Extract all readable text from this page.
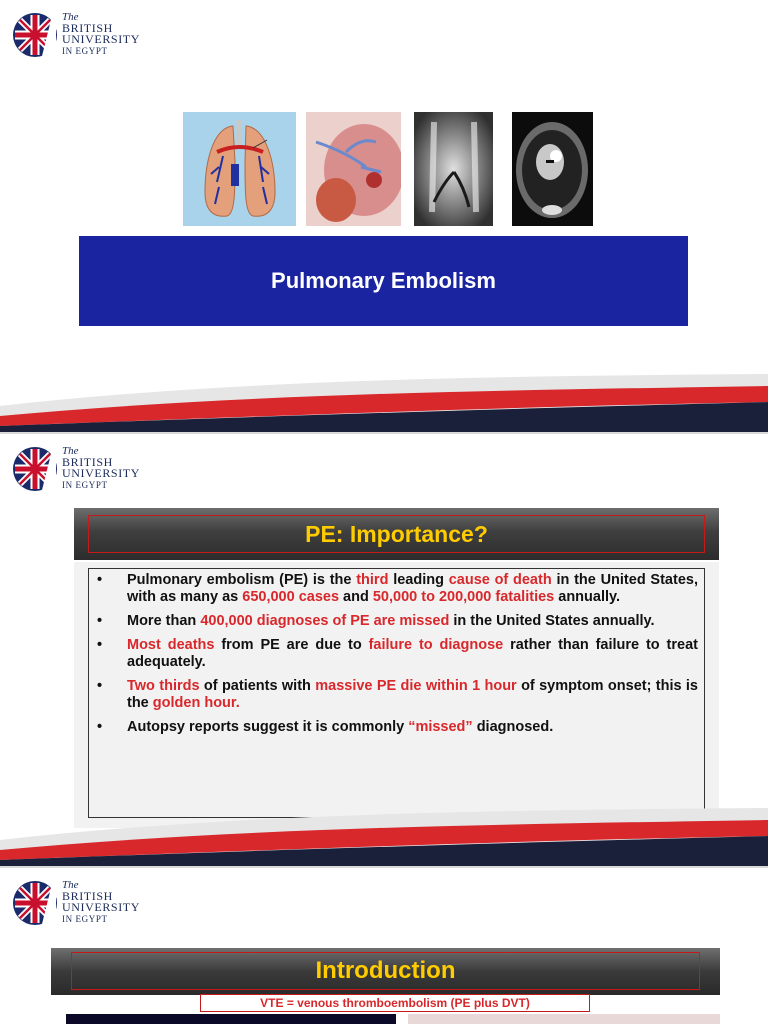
The
BRITISH
UNIVERSITY
IN EGYPT
Pulmonary Embolism
The
BRITISH
UNIVERSITY
IN EGYPT
PE: Importance?
• Pulmonary embolism (PE) is the third leading cause of death in the United States, with as many as 650,000 cases and 50,000 to 200,000 fatalities annually.
• More than 400,000 diagnoses of PE are missed in the United States annually.
• Most deaths from PE are due to failure to diagnose rather than failure to treat adequately.
• Two thirds of patients with massive PE die within 1 hour of symptom onset; this is the golden hour.
• Autopsy reports suggest it is commonly “missed” diagnosed.
The
BRITISH
UNIVERSITY
IN EGYPT
Introduction
VTE = venous thromboembolism (PE plus DVT)
